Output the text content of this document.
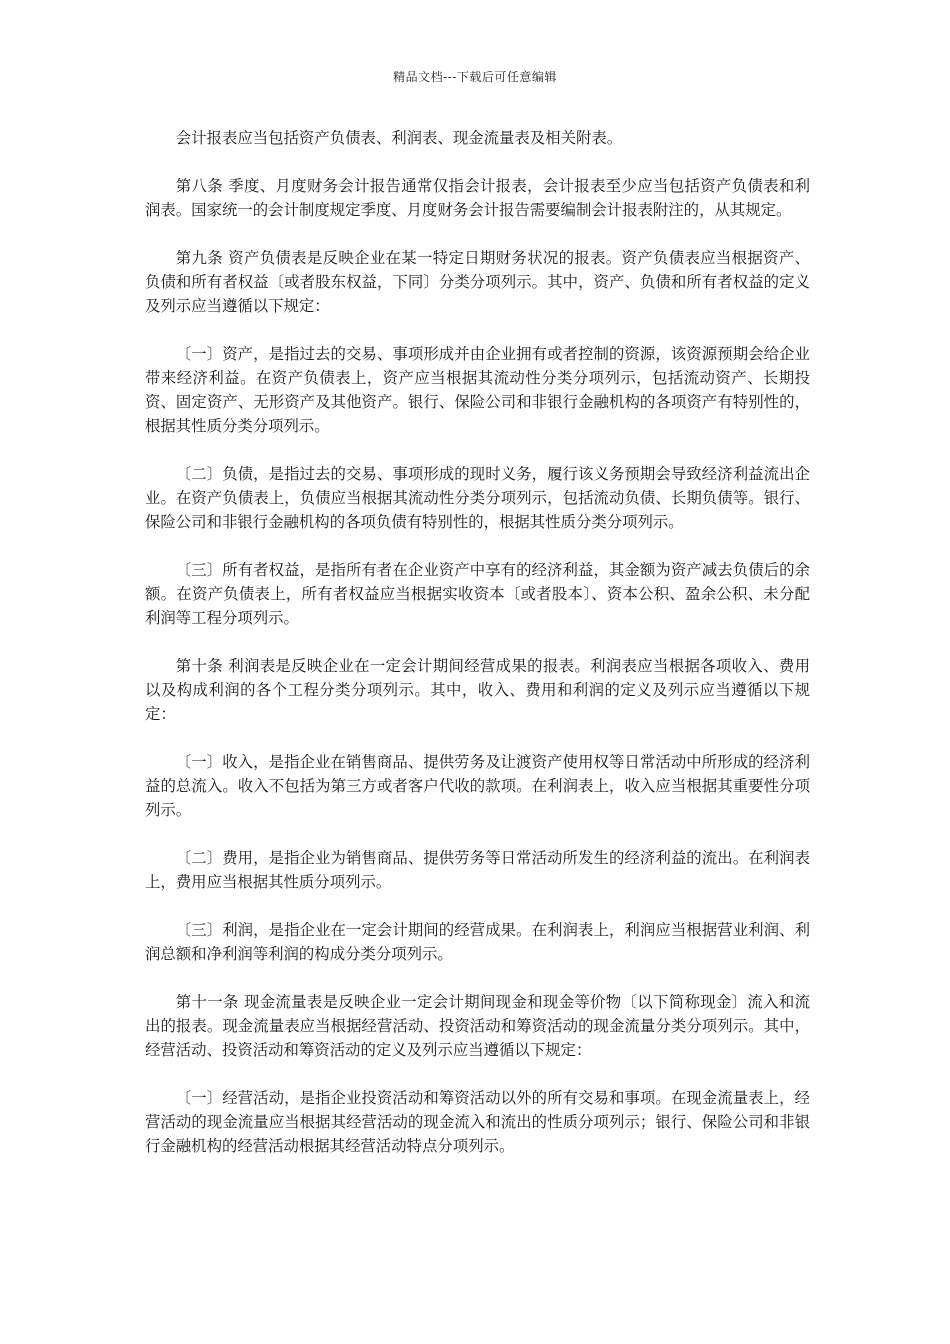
精品文档---下载后可任意编辑

会计报表应当包括资产负债表、利润表、现金流量表及相关附表。

第八条 季度、月度财务会计报告通常仅指会计报表，会计报表至少应当包括资产负债表和利润表。国家统一的会计制度规定季度、月度财务会计报告需要编制会计报表附注的，从其规定。

第九条 资产负债表是反映企业在某一特定日期财务状况的报表。资产负债表应当根据资产、负债和所有者权益〔或者股东权益，下同〕分类分项列示。其中，资产、负债和所有者权益的定义及列示应当遵循以下规定：

〔一〕资产，是指过去的交易、事项形成并由企业拥有或者控制的资源，该资源预期会给企业带来经济利益。在资产负债表上，资产应当根据其流动性分类分项列示，包括流动资产、长期投资、固定资产、无形资产及其他资产。银行、保险公司和非银行金融机构的各项资产有特别性的，根据其性质分类分项列示。

〔二〕负债，是指过去的交易、事项形成的现时义务，履行该义务预期会导致经济利益流出企业。在资产负债表上，负债应当根据其流动性分类分项列示，包括流动负债、长期负债等。银行、保险公司和非银行金融机构的各项负债有特别性的，根据其性质分类分项列示。

〔三〕所有者权益，是指所有者在企业资产中享有的经济利益，其金额为资产减去负债后的余额。在资产负债表上，所有者权益应当根据实收资本〔或者股本〕、资本公积、盈余公积、未分配利润等工程分项列示。

第十条 利润表是反映企业在一定会计期间经营成果的报表。利润表应当根据各项收入、费用以及构成利润的各个工程分类分项列示。其中，收入、费用和利润的定义及列示应当遵循以下规定：

〔一〕收入，是指企业在销售商品、提供劳务及让渡资产使用权等日常活动中所形成的经济利益的总流入。收入不包括为第三方或者客户代收的款项。在利润表上，收入应当根据其重要性分项列示。

〔二〕费用，是指企业为销售商品、提供劳务等日常活动所发生的经济利益的流出。在利润表上，费用应当根据其性质分项列示。

〔三〕利润，是指企业在一定会计期间的经营成果。在利润表上，利润应当根据营业利润、利润总额和净利润等利润的构成分类分项列示。

第十一条 现金流量表是反映企业一定会计期间现金和现金等价物〔以下简称现金〕流入和流出的报表。现金流量表应当根据经营活动、投资活动和筹资活动的现金流量分类分项列示。其中，经营活动、投资活动和筹资活动的定义及列示应当遵循以下规定：

〔一〕经营活动，是指企业投资活动和筹资活动以外的所有交易和事项。在现金流量表上，经营活动的现金流量应当根据其经营活动的现金流入和流出的性质分项列示；银行、保险公司和非银行金融机构的经营活动根据其经营活动特点分项列示。
